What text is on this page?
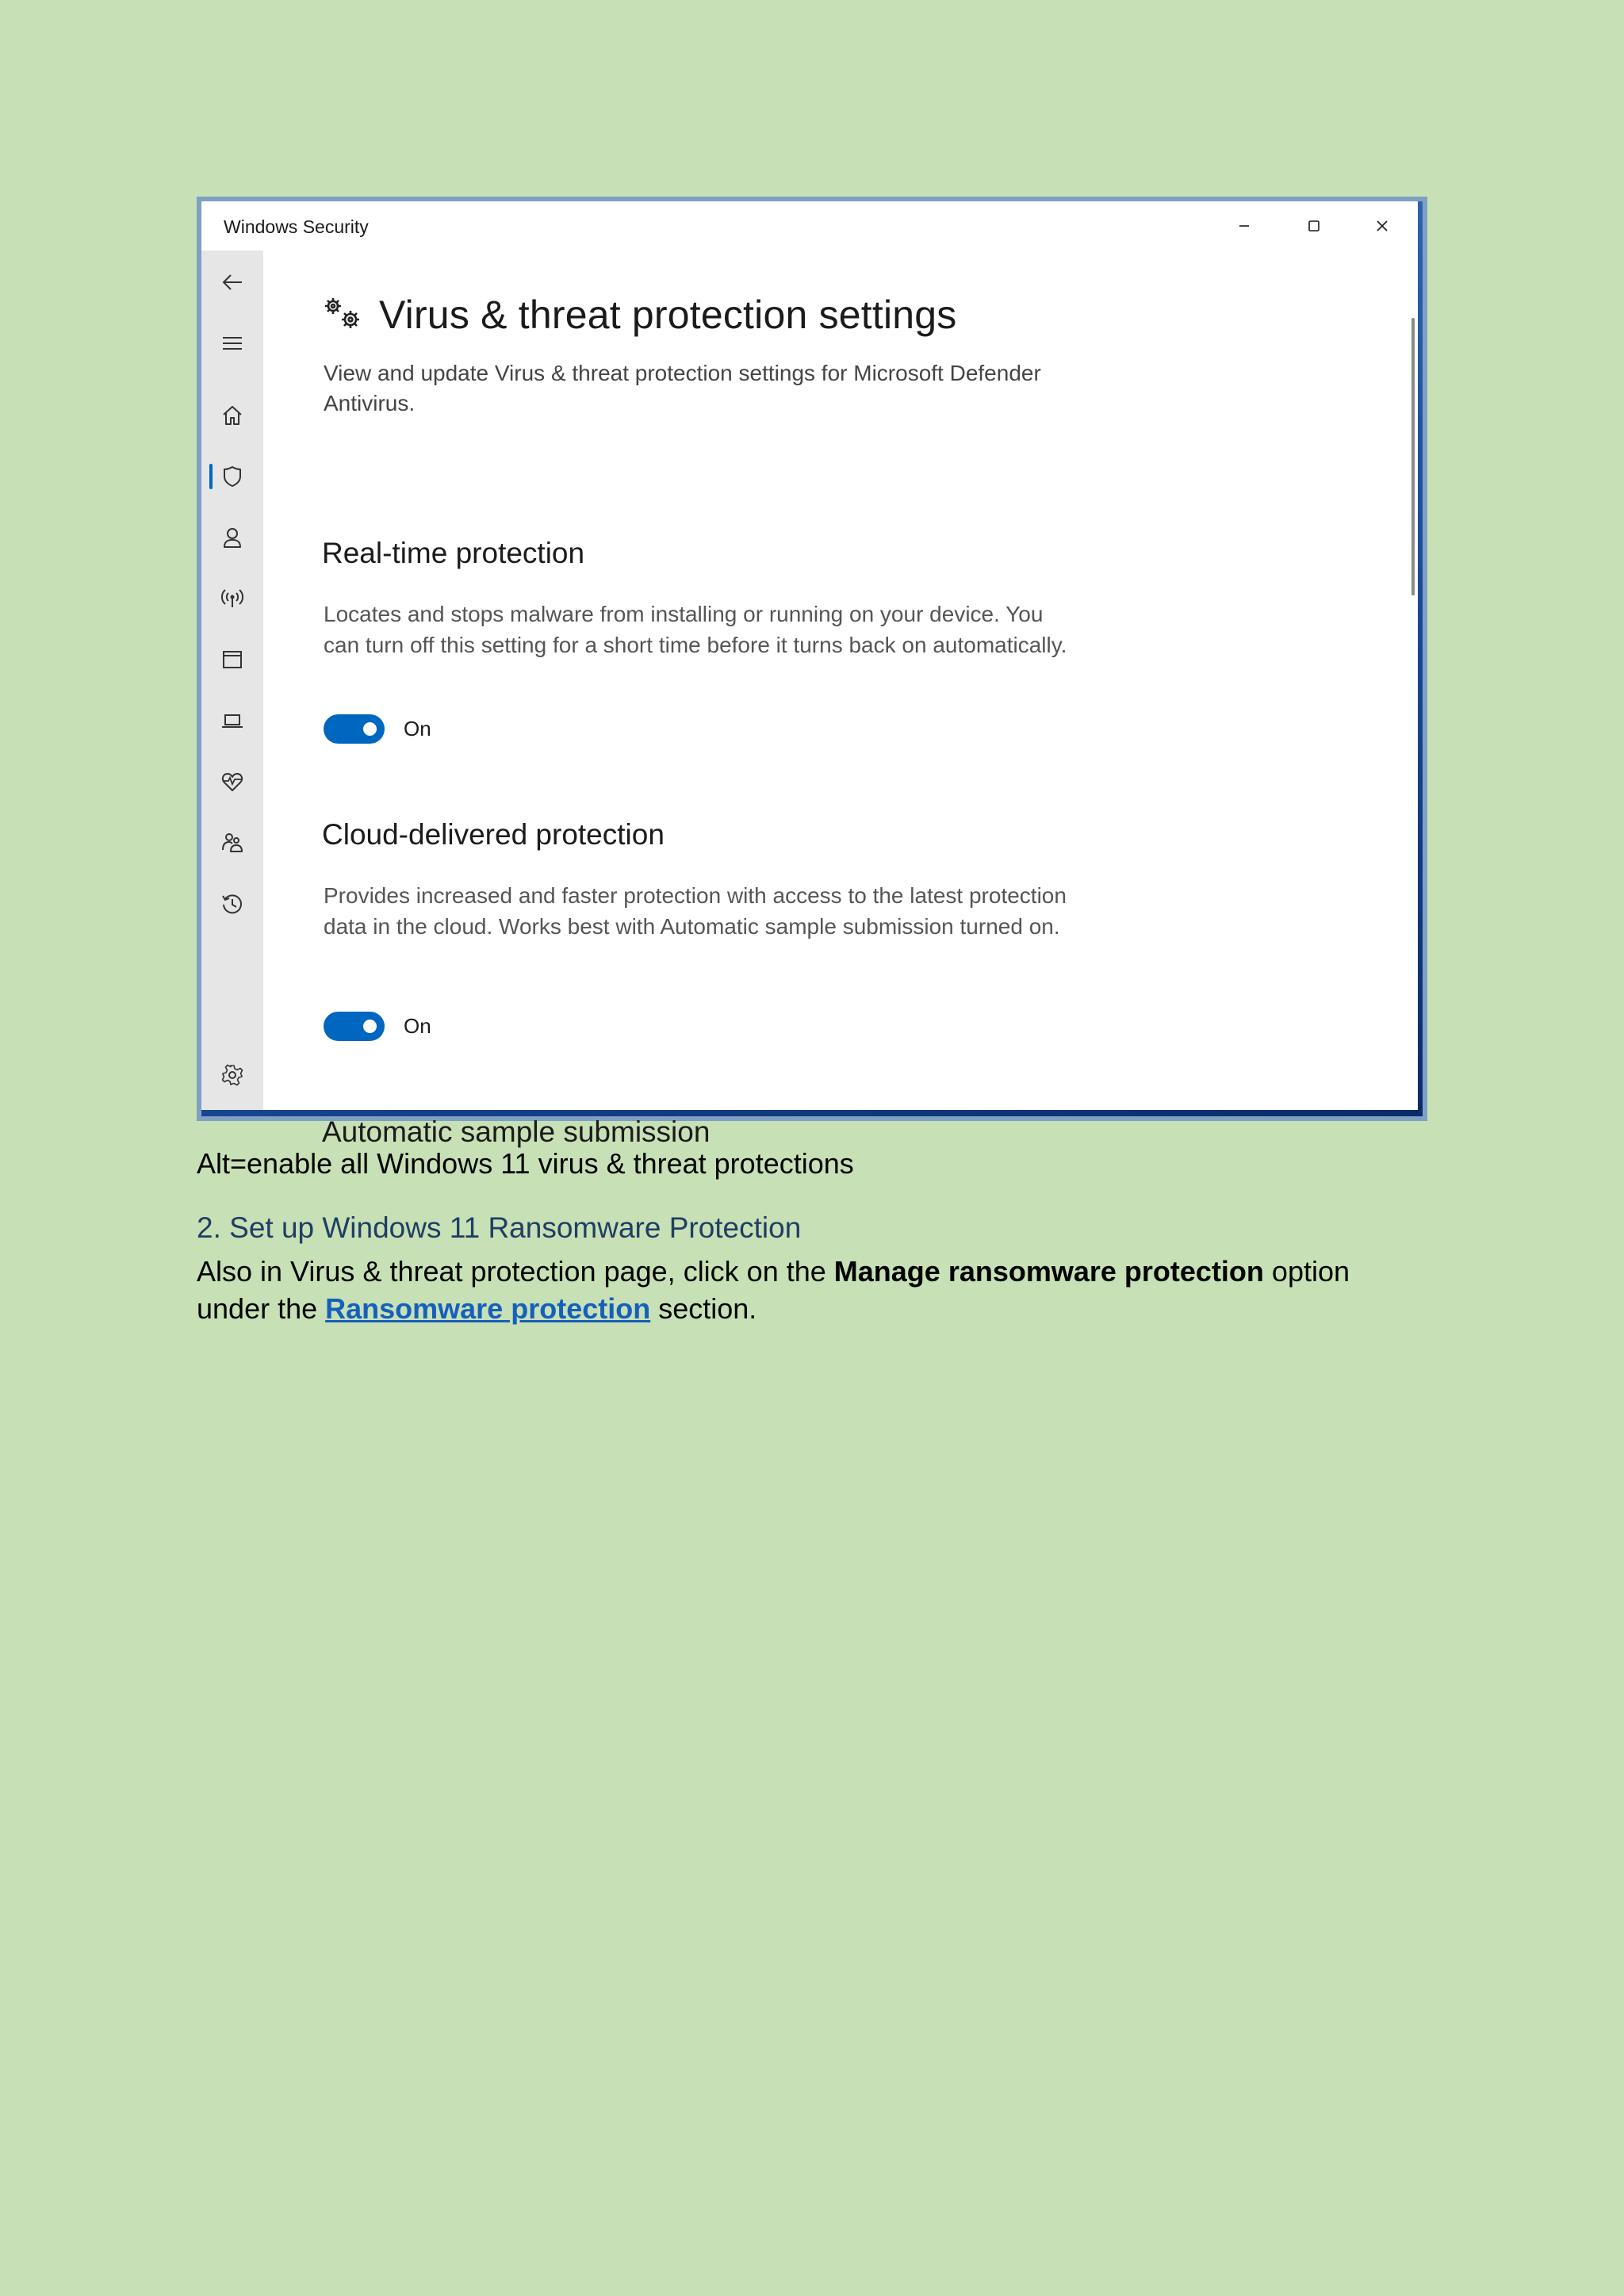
Windows Security
Virus & threat protection settings
View and update Virus & threat protection settings for Microsoft Defender Antivirus.
Real-time protection
Locates and stops malware from installing or running on your device. You can turn off this setting for a short time before it turns back on automatically.
On
Cloud-delivered protection
Provides increased and faster protection with access to the latest protection data in the cloud. Works best with Automatic sample submission turned on.
On
Automatic sample submission
Alt=enable all Windows 11 virus & threat protections
2. Set up Windows 11 Ransomware Protection
Also in Virus & threat protection page, click on the Manage ransomware protection option under the Ransomware protection section.
